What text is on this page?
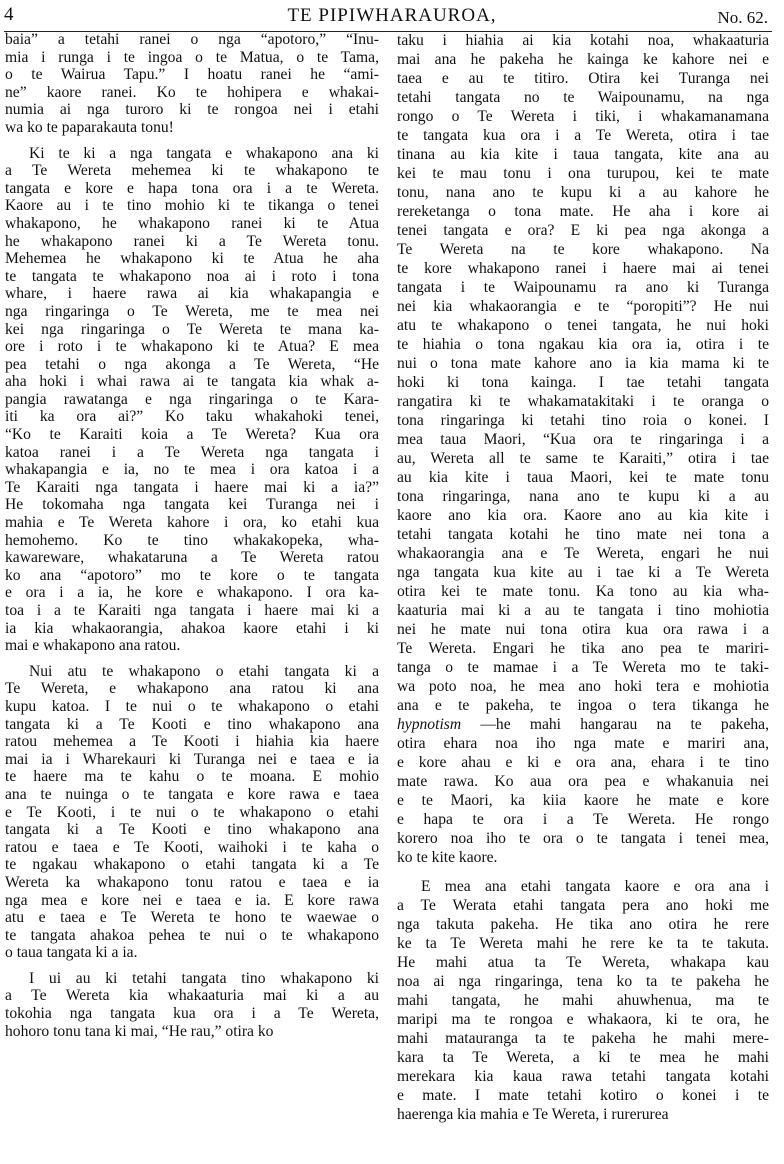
4	TE PIPIWHARAUROA,	No. 62.
baia” a tetahi ranei o nga “apotoro,” “Inu-
mia i runga i te ingoa o te Matua, o te Tama,
o te Wairua Tapu.” I hoatu ranei he “ami-
ne” kaore ranei. Ko te hohipera e whakai-
numia ai nga turoro ki te rongoa nei i etahi
wa ko te paparakauta tonu!
Ki te ki a nga tangata e whakapono ana ki
a Te Wereta mehemea ki te whakapono te
tangata e kore e hapa tona ora i a te Wereta.
Kaore au i te tino mohio ki te tikanga o tenei
whakapono, he whakapono ranei ki te Atua
he whakapono ranei ki a Te Wereta tonu.
Mehemea he whakapono ki te Atua he aha
te tangata te whakapono noa ai i roto i tona
whare, i haere rawa ai kia whakapangia e
nga ringaringa o Te Wereta, me te mea nei
kei nga ringaringa o Te Wereta te mana ka-
ore i roto i te whakapono ki te Atua? E mea
pea tetahi o nga akonga a Te Wereta, “He
aha hoki i whai rawa ai te tangata kia whak a-
pangia rawatanga e nga ringaringa o te Kara-
iti ka ora ai?” Ko taku whakahoki tenei,
“Ko te Karaiti koia a Te Wereta? Kua ora
katoa ranei i a Te Wereta nga tangata i
whakapangia e ia, no te mea i ora katoa i a
Te Karaiti nga tangata i haere mai ki a ia?”
He tokomaha nga tangata kei Turanga nei i
mahia e Te Wereta kahore i ora, ko etahi kua
hemohemo. Ko te tino whakakopeka, wha-
kawareware, whakataruna a Te Wereta ratou
ko ana “apotoro” mo te kore o te tangata
e ora i a ia, he kore e whakapono. I ora ka-
toa i a te Karaiti nga tangata i haere mai ki a
ia kia whakaorangia, ahakoa kaore etahi i ki
mai e whakapono ana ratou.
Nui atu te whakapono o etahi tangata ki a
Te Wereta, e whakapono ana ratou ki ana
kupu katoa. I te nui o te whakapono o etahi
tangata ki a Te Kooti e tino whakapono ana
ratou mehemea a Te Kooti i hiahia kia haere
mai ia i Wharekauri ki Turanga nei e taea e ia
te haere ma te kahu o te moana. E mohio
ana te nuinga o te tangata e kore rawa e taea
e Te Kooti, i te nui o te whakapono o etahi
tangata ki a Te Kooti e tino whakapono ana
ratou e taea e Te Kooti, waihoki i te kaha o
te ngakau whakapono o etahi tangata ki a Te
Wereta ka whakapono tonu ratou e taea e ia
nga mea e kore nei e taea e ia. E kore rawa
atu e taea e Te Wereta te hono te waewae o
te tangata ahakoa pehea te nui o te whakapono
o taua tangata ki a ia.
I ui au ki tetahi tangata tino whakapono ki
a Te Wereta kia whakaaturia mai ki a au
tokohia nga tangata kua ora i a Te Wereta,
hohoro tonu tana ki mai, “He rau,” otira ko
taku i hiahia ai kia kotahi noa, whakaaturia
mai ana he pakeha he kainga ke kahore nei e
taea e au te titiro. Otira kei Turanga nei
tetahi tangata no te Waipounamu, na nga
rongo o Te Wereta i tiki, i whakamanamana
te tangata kua ora i a Te Wereta, otira i tae
tinana au kia kite i taua tangata, kite ana au
kei te mau tonu i ona turupou, kei te mate
tonu, nana ano te kupu ki a au kahore he
rereketanga o tona mate. He aha i kore ai
tenei tangata e ora? E ki pea nga akonga a
Te Wereta na te kore whakapono. Na
te kore whakapono ranei i haere mai ai tenei
tangata i te Waipounamu ra ano ki Turanga
nei kia whakaorangia e te “poropiti”? He nui
atu te whakapono o tenei tangata, he nui hoki
te hiahia o tona ngakau kia ora ia, otira i te
nui o tona mate kahore ano ia kia mama ki te
hoki ki tona kainga. I tae tetahi tangata
rangatira ki te whakamatakitaki i te oranga o
tona ringaringa ki tetahi tino roia o konei. I
mea taua Maori, “Kua ora te ringaringa i a
au, Wereta all te same te Karaiti,” otira i tae
au kia kite i taua Maori, kei te mate tonu
tona ringaringa, nana ano te kupu ki a au
kaore ano kia ora. Kaore ano au kia kite i
tetahi tangata kotahi he tino mate nei tona a
whakaorangia ana e Te Wereta, engari he nui
nga tangata kua kite au i tae ki a Te Wereta
otira kei te mate tonu. Ka tono au kia wha-
kaaturia mai ki a au te tangata i tino mohiotia
nei he mate nui tona otira kua ora rawa i a
Te Wereta. Engari he tika ano pea te mariri-
tanga o te mamae i a Te Wereta mo te taki-
wa poto noa, he mea ano hoki tera e mohiotia
ana e te pakeha, te ingoa o tera tikanga he
hypnotism —he mahi hangarau na te pakeha,
otira ehara noa iho nga mate e mariri ana,
e kore ahau e ki e ora ana, ehara i te tino
mate rawa. Ko aua ora pea e whakanuia nei
e te Maori, ka kiia kaore he mate e kore
e hapa te ora i a Te Wereta. He rongo
korero noa iho te ora o te tangata i tenei mea,
ko te kite kaore.
E mea ana etahi tangata kaore e ora ana i
a Te Werata etahi tangata pera ano hoki me
nga takuta pakeha. He tika ano otira he rere
ke ta Te Wereta mahi he rere ke ta te takuta.
He mahi atua ta Te Wereta, whakapa kau
noa ai nga ringaringa, tena ko ta te pakeha he
mahi tangata, he mahi ahuwhenua, ma te
maripi ma te rongoa e whakaora, ki te ora, he
mahi matauranga ta te pakeha he mahi mere-
kara ta Te Wereta, a ki te mea he mahi
merekara kia kaua rawa tetahi tangata kotahi
e mate. I mate tetahi kotiro o konei i te
haerenga kia mahia e Te Wereta, i rurerurea
